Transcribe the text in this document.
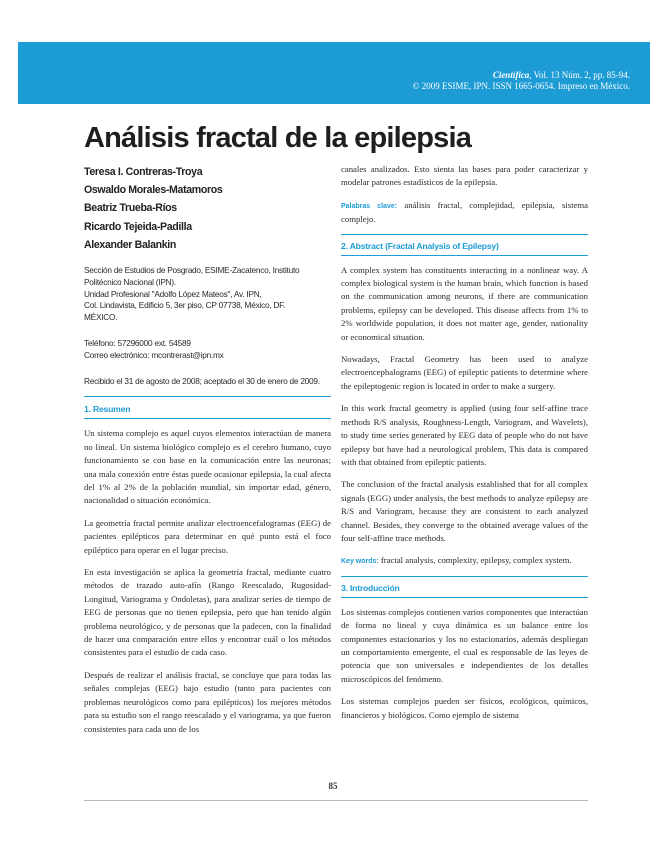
Científica, Vol. 13 Núm. 2, pp. 85-94.
© 2009 ESIME, IPN. ISSN 1665-0654. Impreso en México.
Análisis fractal de la epilepsia
Teresa I. Contreras-Troya
Oswaldo Morales-Matamoros
Beatriz Trueba-Ríos
Ricardo Tejeida-Padilla
Alexander Balankin
Sección de Estudios de Posgrado, ESIME-Zacatenco, Instituto
Politécnico Nacional (IPN).
Unidad Profesional "Adolfo López Mateos", Av. IPN,
Col. Lindavista, Edificio 5, 3er piso, CP 07738, México, DF.
MÉXICO.
Teléfono: 57296000 ext. 54589
Correo electrónico: mcontrerast@ipn.mx
Recibido el 31 de agosto de 2008; aceptado el 30 de enero de 2009.
1. Resumen

Un sistema complejo es aquel cuyos elementos interactúan de manera no lineal. Un sistema biológico complejo es el cerebro humano, cuyo funcionamiento se con base en la comunicación entre las neuronas; una mala conexión entre éstas puede ocasionar epilepsia, la cual afecta del 1% al 2% de la población mundial, sin importar edad, género, nacionalidad o situación económica.

La geometría fractal permite analizar electroencefalogramas (EEG) de pacientes epilépticos para determinar en qué punto está el foco epiléptico para operar en el lugar preciso.

En esta investigación se aplica la geometría fractal, mediante cuatro métodos de trazado auto-afín (Rango Reescalado, Rugosidad-Longitud, Variograma y Ondoletas), para analizar series de tiempo de EEG de personas que no tienen epilepsia, pero que han tenido algún problema neurológico, y de personas que la padecen, con la finalidad de hacer una comparación entre ellos y encontrar cuál o los métodos consistentes para el estudio de cada caso.

Después de realizar el análisis fractal, se concluye que para todas las señales complejas (EEG) bajo estudio (tanto para pacientes con problemas neurológicos como para epilépticos) los mejores métodos para su estudio son el rango reescalado y el variograma, ya que fueron consistentes para cada uno de los

canales analizados. Esto sienta las bases para poder caracterizar y modelar patrones estadísticos de la epilepsia.

Palabras clave: análisis fractal, complejidad, epilepsia, sistema complejo.

2. Abstract (Fractal Analysis of Epilepsy)

A complex system has constituents interacting in a nonlinear way. A complex biological system is the human brain, which function is based on the communication among neurons, if there are communication problems, epilepsy can be developed. This disease affects from 1% to 2% worldwide population, it does not matter age, gender, nationality or economical situation.

Nowadays, Fractal Geometry has been used to analyze electroencephalograms (EEG) of epileptic patients to determine where the epileptogenic region is located in order to make a surgery.

In this work fractal geometry is applied (using four self-affine trace methods R/S analysis, Roughness-Length, Variogram, and Wavelets), to study time series generated by EEG data of people who do not have epilepsy but have had a neurological problem, This data is compared with that obtained from epileptic patients.

The conclusion of the fractal analysis established that for all complex signals (EGG) under analysis, the best methods to analyze epilepsy are R/S and Variogram, because they are consistent to each analyzed channel. Besides, they converge to the obtained average values of the four self-affine trace methods.

Key words: fractal analysis, complexity, epilepsy, complex system.

3. Introducción

Los sistemas complejos contienen varios componentes que interactúan de forma no lineal y cuya dinámica es un balance entre los componentes estacionarios y los no estacionarios, además despliegan un comportamiento emergente, el cual es responsable de las leyes de potencia que son universales e independientes de los detalles microscópicos del fenómeno.

Los sistemas complejos pueden ser físicos, ecológicos, químicos, financieros y biológicos. Como ejemplo de sistema

85
